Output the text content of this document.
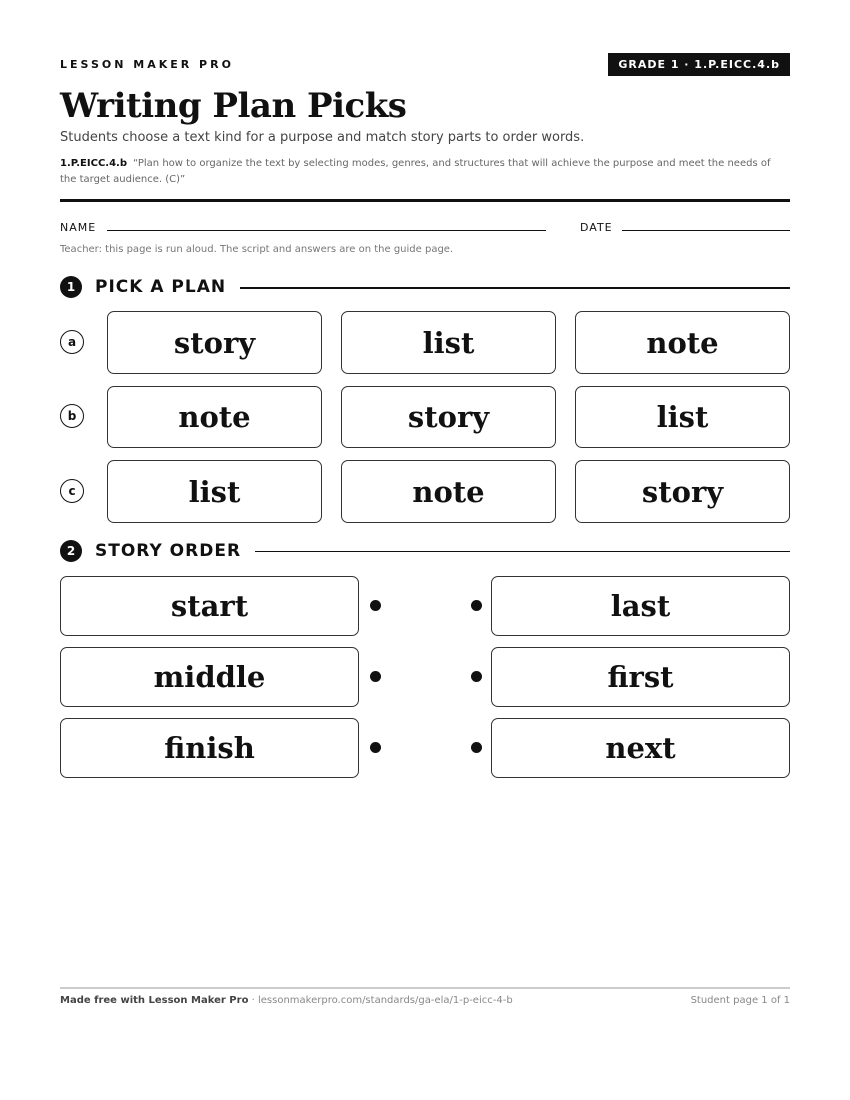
LESSON MAKER PRO	GRADE 1 · 1.P.EICC.4.b
Writing Plan Picks
Students choose a text kind for a purpose and match story parts to order words.
1.P.EICC.4.b “Plan how to organize the text by selecting modes, genres, and structures that will achieve the purpose and meet the needs of the target audience. (C)”
NAME	DATE
Teacher: this page is run aloud. The script and answers are on the guide page.
1	PICK A PLAN
a	story	list	note
b	note	story	list
c	list	note	story
2	STORY ORDER
start	last
middle	first
finish	next
Made free with Lesson Maker Pro · lessonmakerpro.com/standards/ga-ela/1-p-eicc-4-b	Student page 1 of 1
